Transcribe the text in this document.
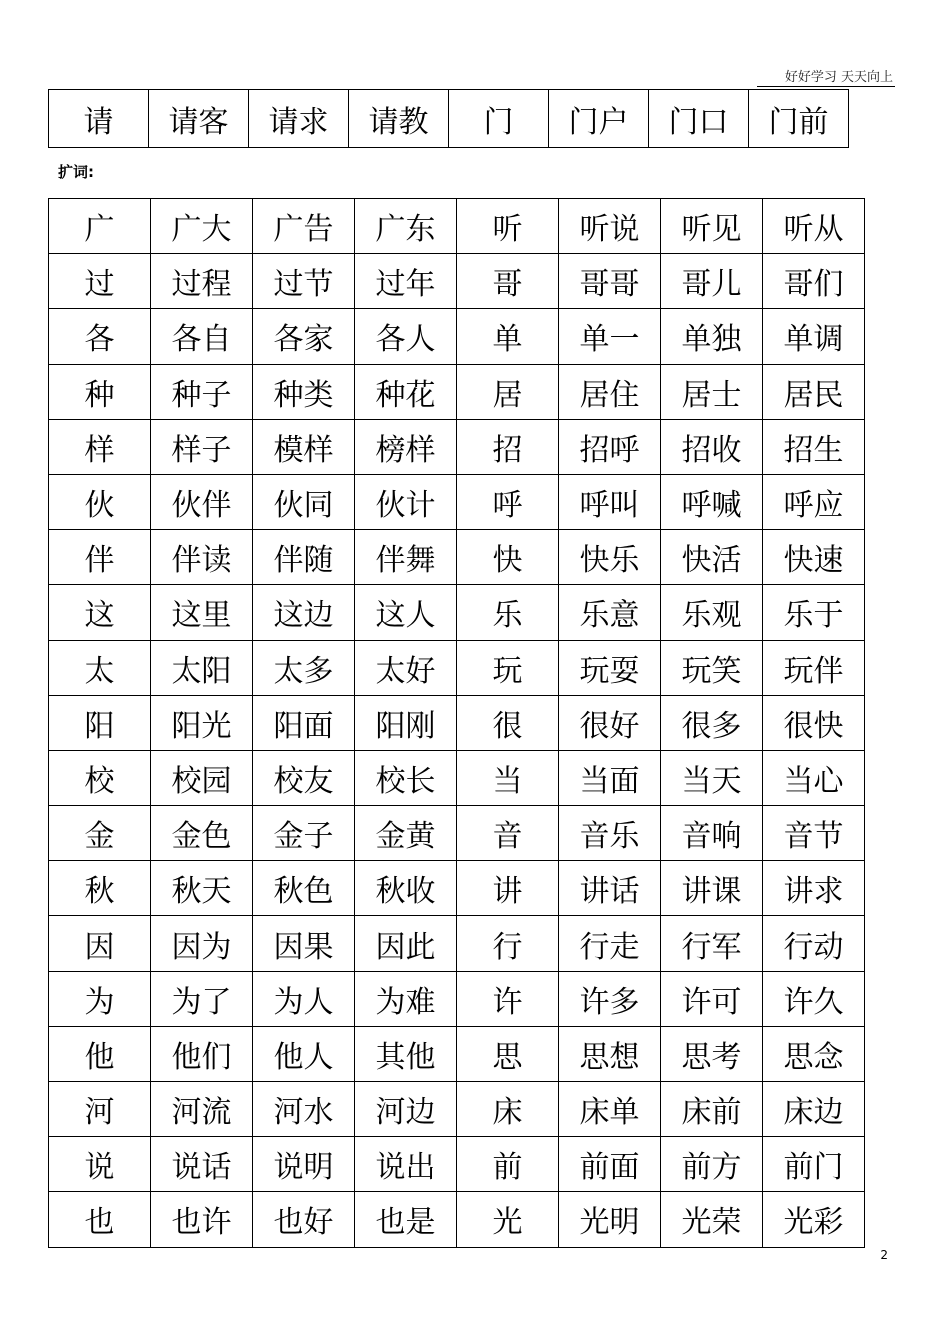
好好学习 天天向上
请	请客	请求	请教	门	门户	门口	门前
扩词:
广	广大	广告	广东	听	听说	听见	听从
过	过程	过节	过年	哥	哥哥	哥儿	哥们
各	各自	各家	各人	单	单一	单独	单调
种	种子	种类	种花	居	居住	居士	居民
样	样子	模样	榜样	招	招呼	招收	招生
伙	伙伴	伙同	伙计	呼	呼叫	呼喊	呼应
伴	伴读	伴随	伴舞	快	快乐	快活	快速
这	这里	这边	这人	乐	乐意	乐观	乐于
太	太阳	太多	太好	玩	玩耍	玩笑	玩伴
阳	阳光	阳面	阳刚	很	很好	很多	很快
校	校园	校友	校长	当	当面	当天	当心
金	金色	金子	金黄	音	音乐	音响	音节
秋	秋天	秋色	秋收	讲	讲话	讲课	讲求
因	因为	因果	因此	行	行走	行军	行动
为	为了	为人	为难	许	许多	许可	许久
他	他们	他人	其他	思	思想	思考	思念
河	河流	河水	河边	床	床单	床前	床边
说	说话	说明	说出	前	前面	前方	前门
也	也许	也好	也是	光	光明	光荣	光彩
2
